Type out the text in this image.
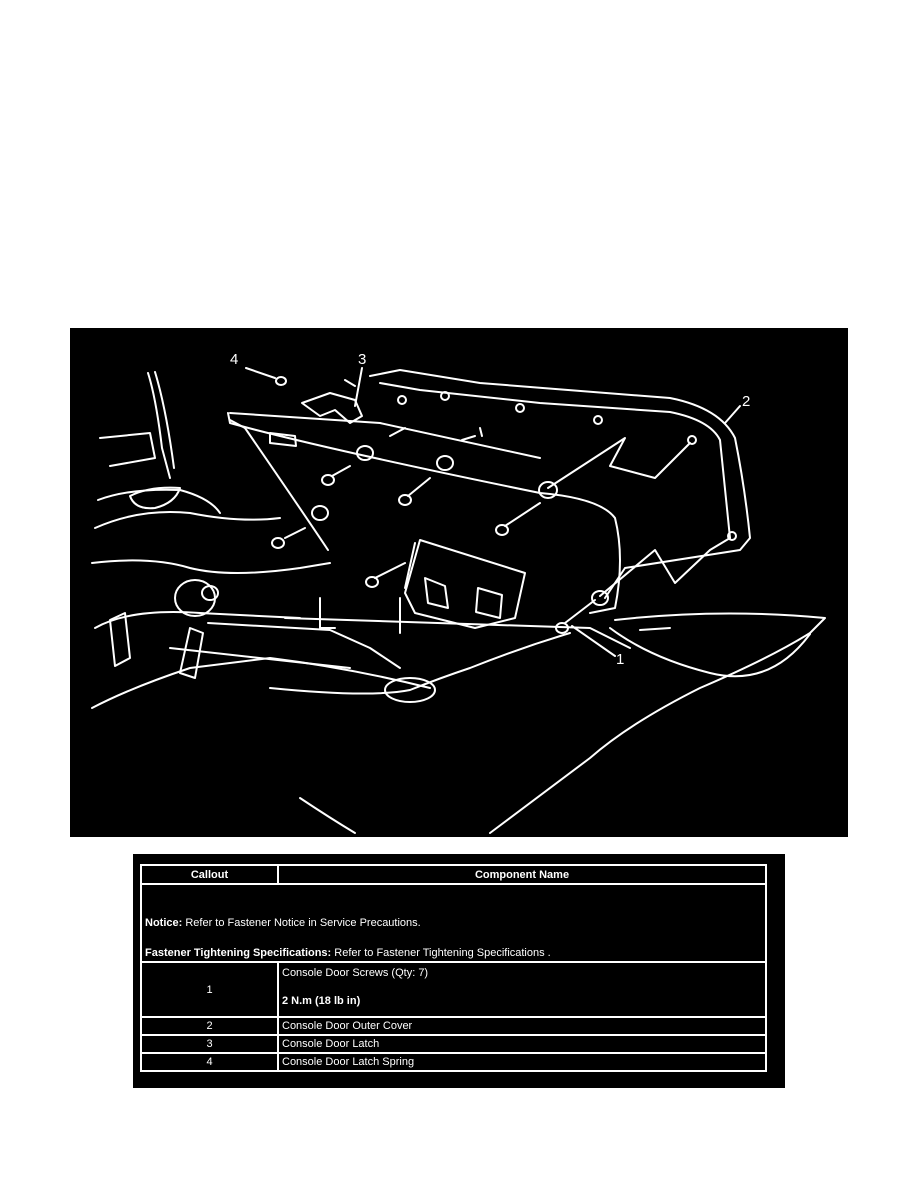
4	3
2
1
Callout	Component Name

Notice: Refer to Fastener Notice in Service Precautions.

Fastener Tightening Specifications: Refer to Fastener Tightening Specifications .	

1	Console Door Screws (Qty: 7)
2 N.m (18 lb in)

2	Console Door Outer Cover
3	Console Door Latch
4	Console Door Latch Spring
